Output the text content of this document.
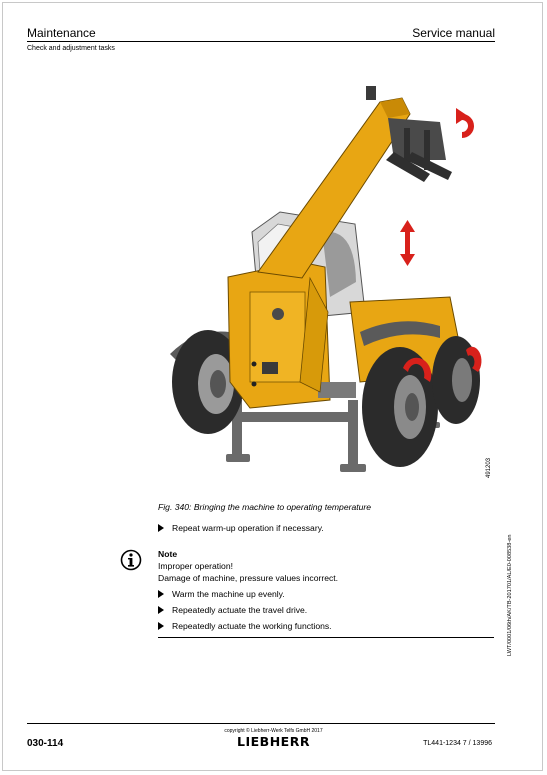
Maintenance	Service manual
Check and adjustment tasks
491203
Fig. 340: Bringing the machine to operating temperature
Repeat warm-up operation if necessary.
Note
Improper operation!
Damage of machine, pressure values incorrect.
Warm the machine up evenly.
Repeatedly actuate the travel drive.
Repeatedly actuate the working functions.	LWT/0001/06th/AK/TB-201701/AL/E0-008538-en
030-114
copyright © Liebherr-Werk Telfs GmbH 2017
LIEBHERR	TL441-1234 7 / 13996
